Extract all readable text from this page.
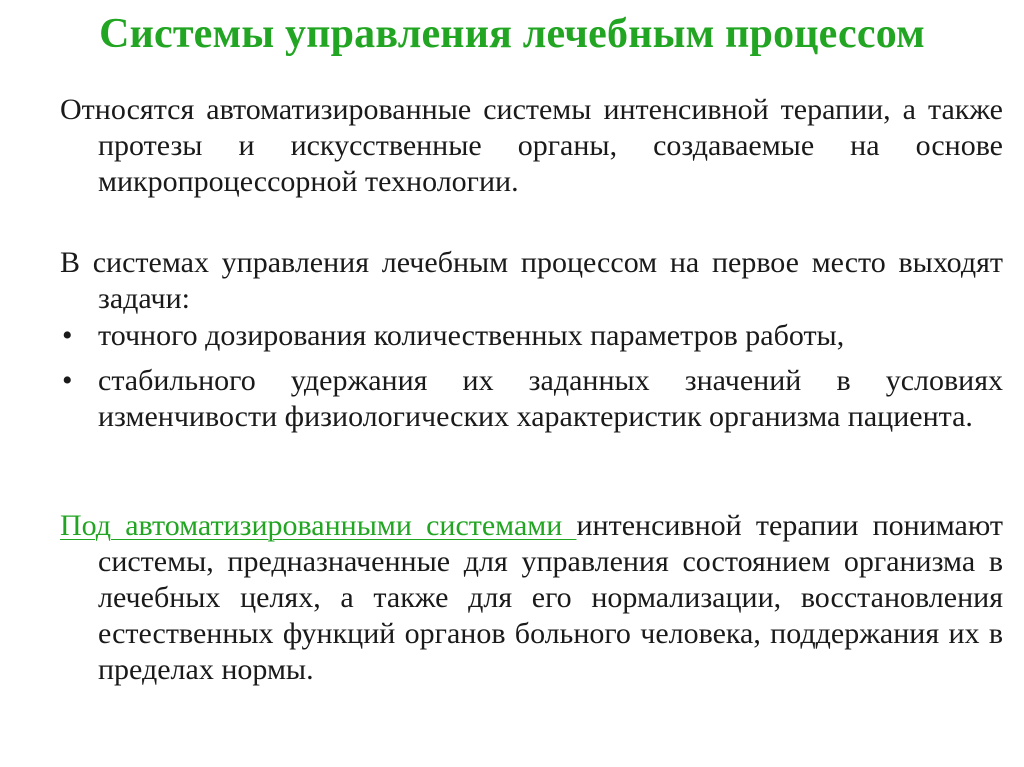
Системы управления лечебным процессом
Относятся автоматизированные системы интенсивной терапии, а также протезы и искусственные органы, создаваемые на основе микропроцессорной технологии.
В системах управления лечебным процессом на первое место выходят задачи:
• точного дозирования количественных параметров работы,
• стабильного удержания их заданных значений в условиях изменчивости физиологических характеристик организма пациента.
Под автоматизированными системами интенсивной терапии понимают системы, предназначенные для управления состоянием организма в лечебных целях, а также для его нормализации, восстановления естественных функций органов больного человека, поддержания их в пределах нормы.
